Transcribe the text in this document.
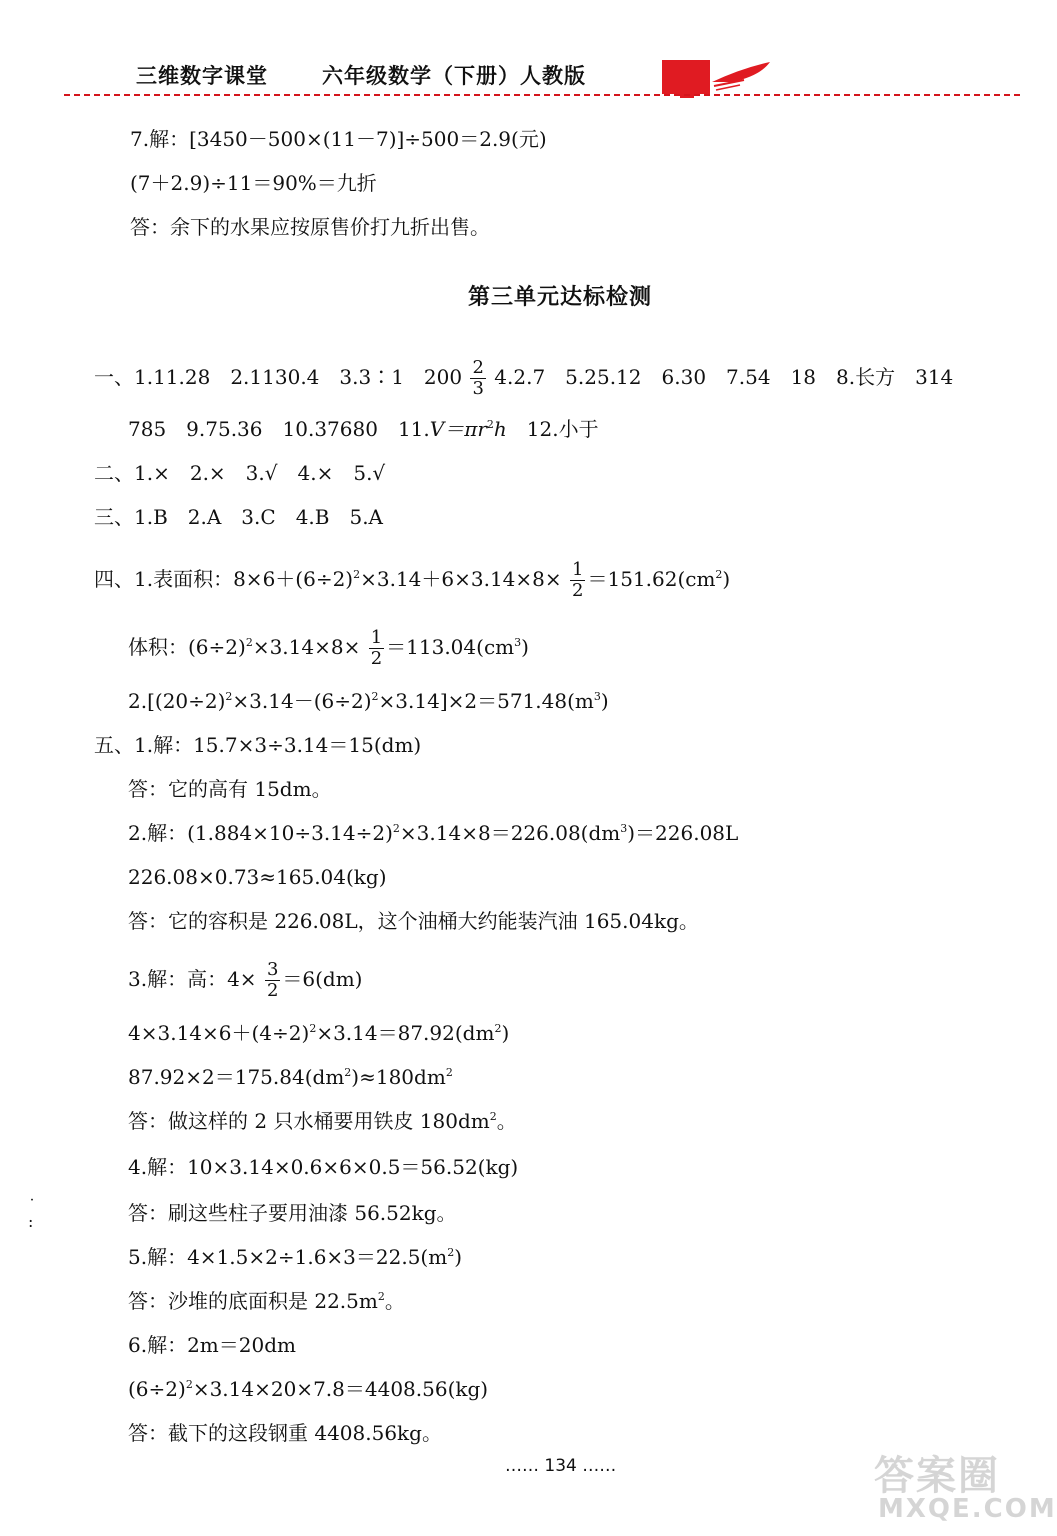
三维数字课堂	六年级数学（下册）人教版
7.解：[3450－500×(11－7)]÷500＝2.9(元)
(7＋2.9)÷11＝90%＝九折
答：余下的水果应按原售价打九折出售。
第三单元达标检测
一、1.11.28　2.1130.4　3.3∶1　$200 \frac{2}{3} 4.2.7$　5.25.12　6.30　7.54　18　8.长方　314
785　9.75.36　10.37680　$11.V=\pi r^2h$　12.小于
二、1.×　2.×　3.√　4.×　5.√
三、1.B　2.A　3.C　4.B　5.A
四、1.表面积：$8\times 6+(6\div 2)^2\times 3.14+6\times 3.14\times 8\times \frac{1}{2} =151.62(cm^2)$
体积：$(6\div 2)^2\times 3.14\times 8\times \frac{1}{2} =113.04(cm^3)$
$2.[(20\div 2)^2\times 3.14-(6\div 2)^2\times 3.14]\times 2=571.48(m^3)$
五、1.解：15.7×3÷3.14＝15(dm)
答：它的高有 15dm。
2.解：$(1.884\times 10\div 3.14\div 2)^2\times 3.14\times 8=226.08(dm^3)=226.08L$
226.08×0.73≈165.04(kg)
答：它的容积是 226.08L，这个油桶大约能装汽油 165.04kg。
3.解：高：$4\times \frac{3}{2} =6(dm)$
$4\times 3.14\times 6+(4\div 2)^2\times 3.14=87.92(dm^2)$
$87.92\times 2=175.84(dm^2)\approx 180dm^2$
答：做这样的 2 只水桶要用铁皮 $180dm^2$。
4.解：10×3.14×0.6×6×0.5＝56.52(kg)
答：刷这些柱子要用油漆 56.52kg。
5.解：$4\times 1.5\times 2\div 1.6\times 3=22.5(m^2)$
答：沙堆的底面积是 $22.5m^2$。
6.解：2m＝20dm
$(6\div 2)^2\times 3.14\times 20\times 7.8=4408.56(kg)$
答：截下的这段钢重 4408.56kg。
˙
:
…… 134 ……	答案圈
MXQE.COM
